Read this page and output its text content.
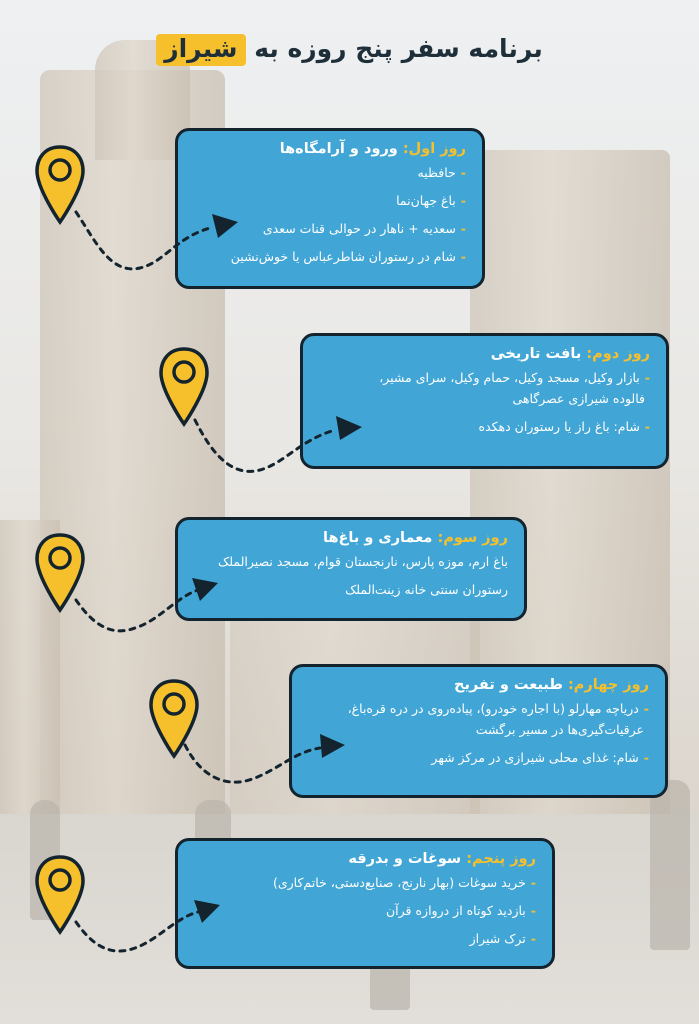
برنامه سفر پنج روزه به شیراز
روز اول: ورود و آرامگاه‌ها
-حافظیه
-باغ جهان‌نما
-سعدیه + ناهار در حوالی قنات سعدی
-شام در رستوران شاطرعباس یا خوش‌نشین
روز دوم: بافت تاریخی
-بازار وکیل، مسجد وکیل، حمام وکیل، سرای مشیر،
فالوده شیرازی عصرگاهی
-شام: باغ راز یا رستوران دهکده
روز سوم: معماری و باغ‌ها
باغ ارم، موزه پارس، نارنجستان قوام، مسجد نصیرالملک
رستوران سنتی خانه زینت‌الملک
روز چهارم: طبیعت و تفریح
-دریاچه مهارلو (با اجاره خودرو)، پیاده‌روی در دره قره‌باغ،
عرقیات‌گیری‌ها در مسیر برگشت
-شام: غذای محلی شیرازی در مرکز شهر
روز پنجم: سوغات و بدرقه
-خرید سوغات (بهار نارنج، صنایع‌دستی، خاتم‌کاری)
-بازدید کوتاه از دروازه قرآن
-ترک شیراز
